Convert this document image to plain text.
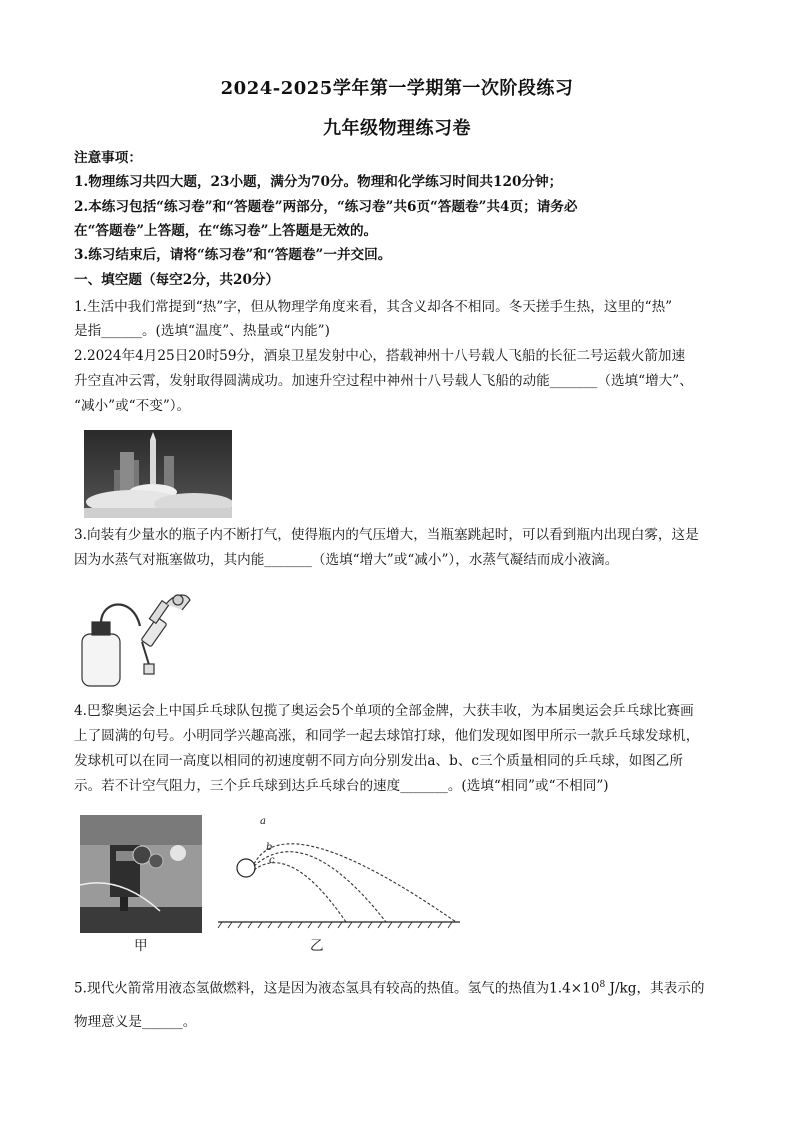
2024-2025学年第一学期第一次阶段练习
九年级物理练习卷
注意事项：
1.物理练习共四大题，23小题，满分为70分。物理和化学练习时间共120分钟；
2.本练习包括“练习卷”和“答题卷”两部分，“练习卷”共6页“答题卷”共4页；请务必
在“答题卷”上答题，在“练习卷”上答题是无效的。
3.练习结束后，请将“练习卷”和“答题卷”一并交回。
一、填空题（每空2分，共20分）
1.生活中我们常提到“热”字，但从物理学角度来看，其含义却各不相同。冬天搓手生热，这里的“热”
是指______。(选填“温度”、热量或“内能”)
2.2024年4月25日20时59分，酒泉卫星发射中心，搭载神州十八号载人飞船的长征二号运载火箭加速
升空直冲云霄，发射取得圆满成功。加速升空过程中神州十八号载人飞船的动能_______（选填“增大”、
“减小”或“不变”）。
3.向装有少量水的瓶子内不断打气，使得瓶内的气压增大，当瓶塞跳起时，可以看到瓶内出现白雾，这是
因为水蒸气对瓶塞做功，其内能_______（选填“增大”或“减小”），水蒸气凝结而成小液滴。
4.巴黎奥运会上中国乒乓球队包揽了奥运会5个单项的全部金牌，大获丰收，为本届奥运会乒乓球比赛画
上了圆满的句号。小明同学兴趣高涨，和同学一起去球馆打球，他们发现如图甲所示一款乒乓球发球机，
发球机可以在同一高度以相同的初速度朝不同方向分别发出a、b、c三个质量相同的乒乓球，如图乙所
示。若不计空气阻力，三个乒乓球到达乒乓球台的速度_______。(选填“相同”或“不相同”)
甲
a
b
c
乙
5.现代火箭常用液态氢做燃料，这是因为液态氢具有较高的热值。氢气的热值为$1.4\times 10^8$ J/kg，其表示的
物理意义是______。
